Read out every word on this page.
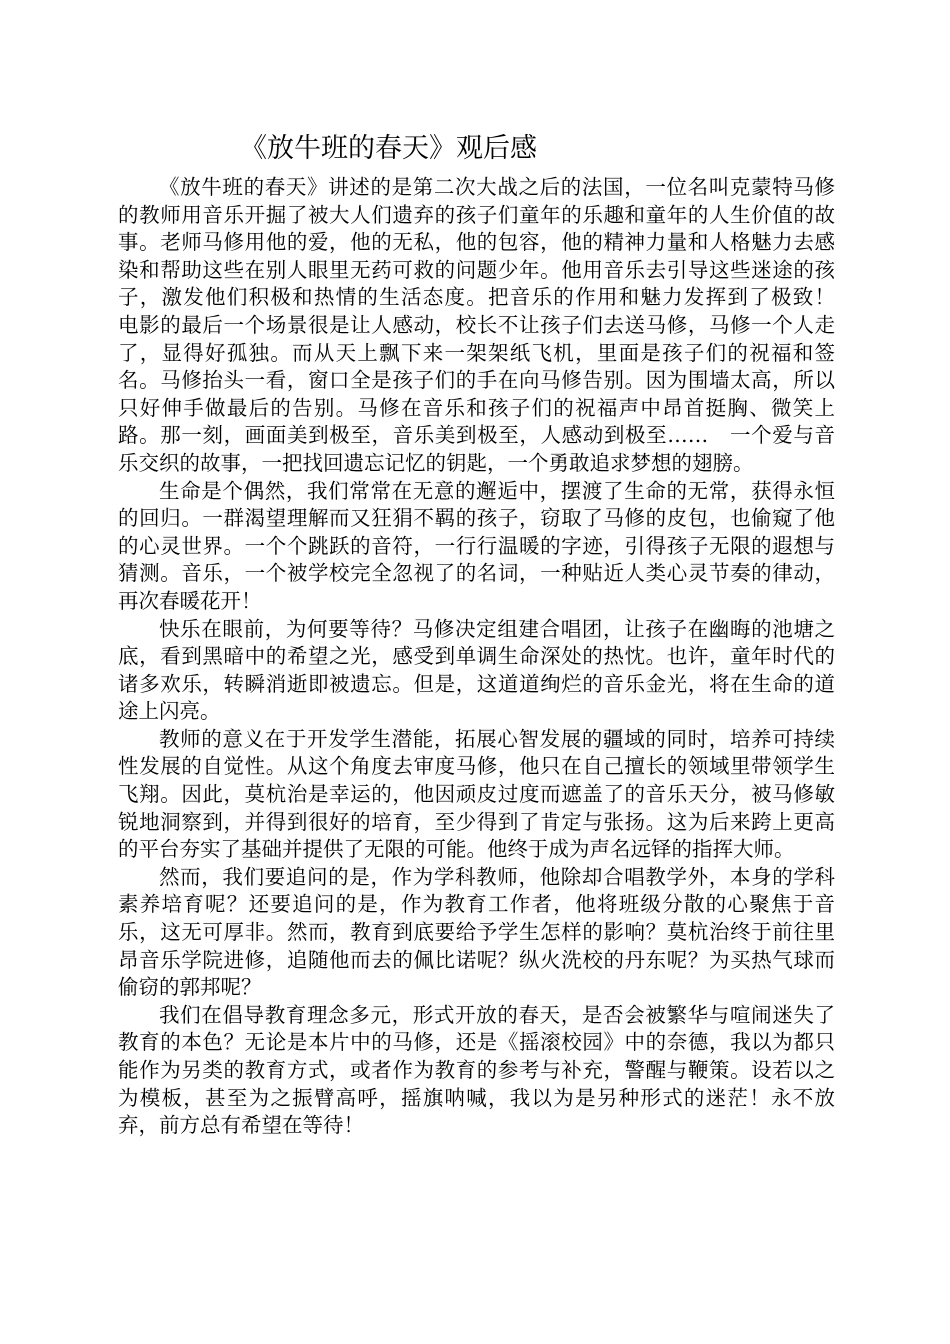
《放牛班的春天》观后感

《放牛班的春天》讲述的是第二次大战之后的法国，一位名叫克蒙特马修的教师用音乐开掘了被大人们遗弃的孩子们童年的乐趣和童年的人生价值的故事。老师马修用他的爱，他的无私，他的包容，他的精神力量和人格魅力去感染和帮助这些在别人眼里无药可救的问题少年。他用音乐去引导这些迷途的孩子，激发他们积极和热情的生活态度。把音乐的作用和魅力发挥到了极致！　　电影的最后一个场景很是让人感动，校长不让孩子们去送马修，马修一个人走了，显得好孤独。而从天上飘下来一架架纸飞机，里面是孩子们的祝福和签名。马修抬头一看，窗口全是孩子们的手在向马修告别。因为围墙太高，所以只好伸手做最后的告别。马修在音乐和孩子们的祝福声中昂首挺胸、微笑上路。那一刻，画面美到极至，音乐美到极至，人感动到极至……　一个爱与音乐交织的故事，一把找回遗忘记忆的钥匙，一个勇敢追求梦想的翅膀。

生命是个偶然，我们常常在无意的邂逅中，摆渡了生命的无常，获得永恒的回归。一群渴望理解而又狂狷不羁的孩子，窃取了马修的皮包，也偷窥了他的心灵世界。一个个跳跃的音符，一行行温暖的字迹，引得孩子无限的遐想与猜测。音乐，一个被学校完全忽视了的名词，一种贴近人类心灵节奏的律动，再次春暖花开！

快乐在眼前，为何要等待？马修决定组建合唱团，让孩子在幽晦的池塘之底，看到黑暗中的希望之光，感受到单调生命深处的热忱。也许，童年时代的诸多欢乐，转瞬消逝即被遗忘。但是，这道道绚烂的音乐金光，将在生命的道途上闪亮。

教师的意义在于开发学生潜能，拓展心智发展的疆域的同时，培养可持续性发展的自觉性。从这个角度去审度马修，他只在自己擅长的领域里带领学生飞翔。因此，莫杭治是幸运的，他因顽皮过度而遮盖了的音乐天分，被马修敏锐地洞察到，并得到很好的培育，至少得到了肯定与张扬。这为后来跨上更高的平台夯实了基础并提供了无限的可能。他终于成为声名远铎的指挥大师。

然而，我们要追问的是，作为学科教师，他除却合唱教学外，本身的学科素养培育呢？还要追问的是，作为教育工作者，他将班级分散的心聚焦于音乐，这无可厚非。然而，教育到底要给予学生怎样的影响？莫杭治终于前往里昂音乐学院进修，追随他而去的佩比诺呢？纵火洗校的丹东呢？为买热气球而偷窃的郭邦呢？

我们在倡导教育理念多元，形式开放的春天，是否会被繁华与喧闹迷失了教育的本色？无论是本片中的马修，还是《摇滚校园》中的奈德，我以为都只能作为另类的教育方式，或者作为教育的参考与补充，警醒与鞭策。设若以之为模板，甚至为之振臂高呼，摇旗呐喊，我以为是另种形式的迷茫！永不放弃，前方总有希望在等待！
